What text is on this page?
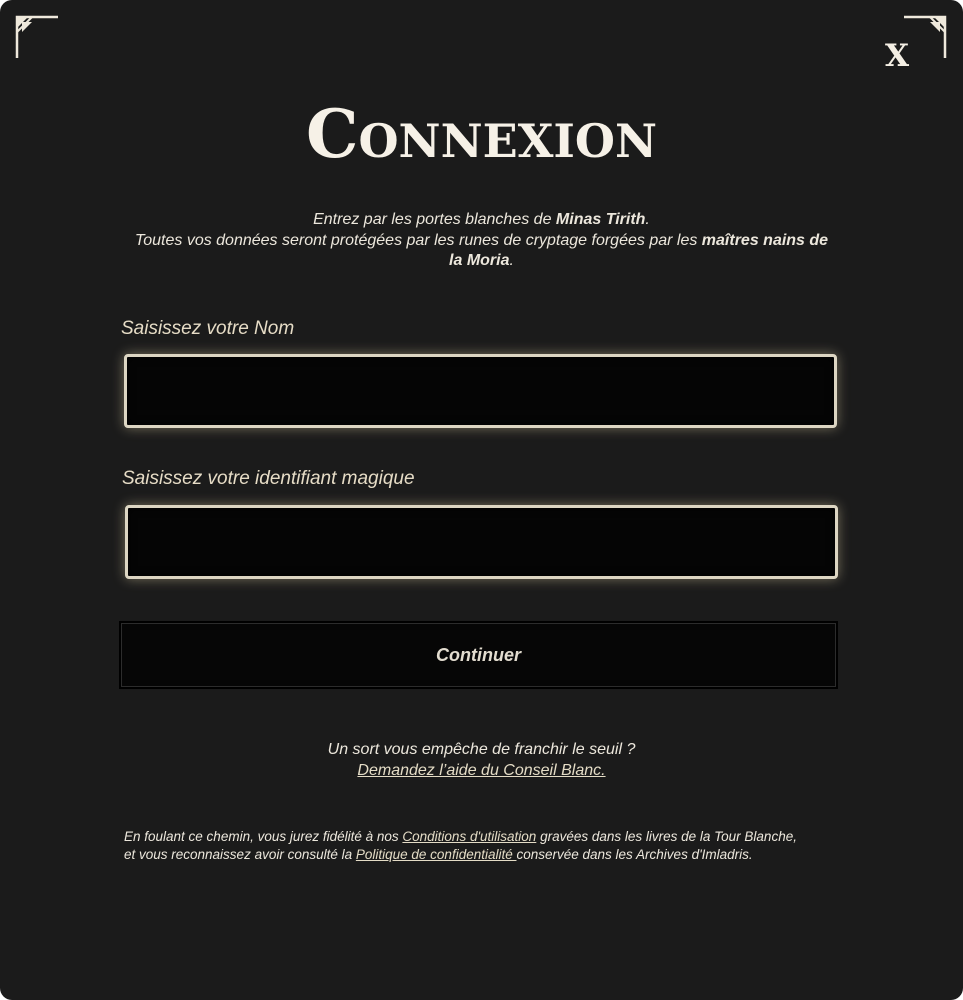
X
Connexion

Entrez par les portes blanches de Minas Tirith.
Toutes vos données seront protégées par les runes de cryptage forgées par les maîtres nains de la Moria.

Saisissez votre Nom
Saisissez votre identifiant magique
Continuer

Un sort vous empêche de franchir le seuil ?
Demandez l’aide du Conseil Blanc.

En foulant ce chemin, vous jurez fidélité à nos Conditions d'utilisation gravées dans les livres de la Tour Blanche,
et vous reconnaissez avoir consulté la Politique de confidentialité conservée dans les Archives d'Imladris.
